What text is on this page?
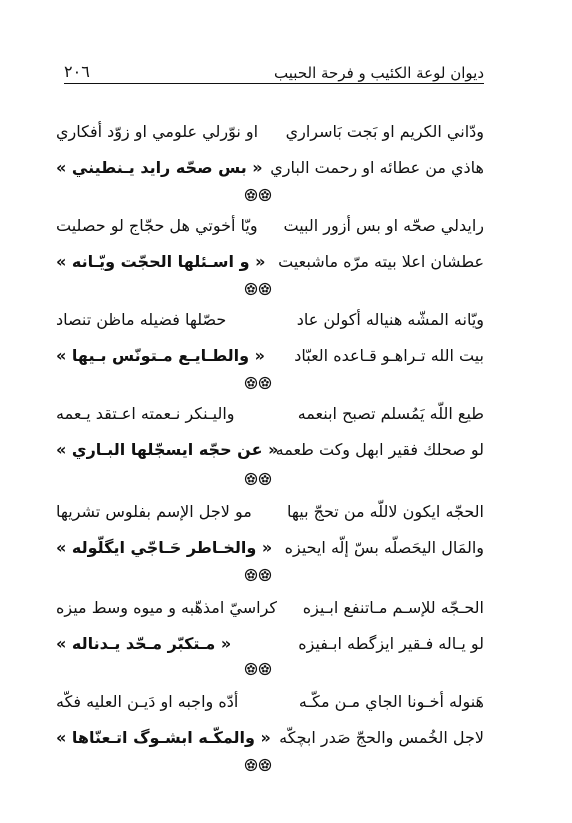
ديوان لوعة الكئيب و فرحة الحبيب
٢٠٦
ودّاني الكريم او بَجت بَاسراري
او نوّرلي علومي او زوّد أفكاري
هاذي من عطائه او رحمت الباري
« بس صحّه رايد يـنطيني »
رايدلي صحّه او بس أزور البيت
ويّا أخوتي هل حجّاج لو حصليت
عطشان اعلا بيته مرّه ماشبعيت
« و اسـئلها الحجّت ويّـانه »
ويّانه المشّه هنياله أكولن عاد
حصّلها فضيله ماظن تنصاد
بيت الله تـراهـو قـاعده العبّاد
« والطـايـع مـتونّس بـيها »
طيع اللّه يَمُسلم تصبح ابنعمه
واليـنكر نـعمته اعـتقد يـعمه
لو صحلك فقير ابهل وكت طعمه
« عن حجّه ايسجّلها البـاري »
الحجّه ايكون لاللّه من تحجّ بيها
مو لاجل الإسم بفلوس تشريها
والمَال اليحَصلّه بسّ إلّه ايحيزه
« والخـاطر حَـاجّي ايگلّوله »
الحـجّه للإسـم مـاتنفع ابـيزه
كراسيّ امذهّبه و ميوه وسط ميزه
لو يـاله فـقير ايزگطه ابـفيزه
« مـتكبّر مـحّد يـدناله »
هَنوله أخـونا الجاي مـن مكّـه
أدّه واجبه او دَيـن العليه فكّه
لاجل الخُمس والحجّ صَدر ابچكّه
« والمكّـه ابشـوگ اتـعنّاها »
